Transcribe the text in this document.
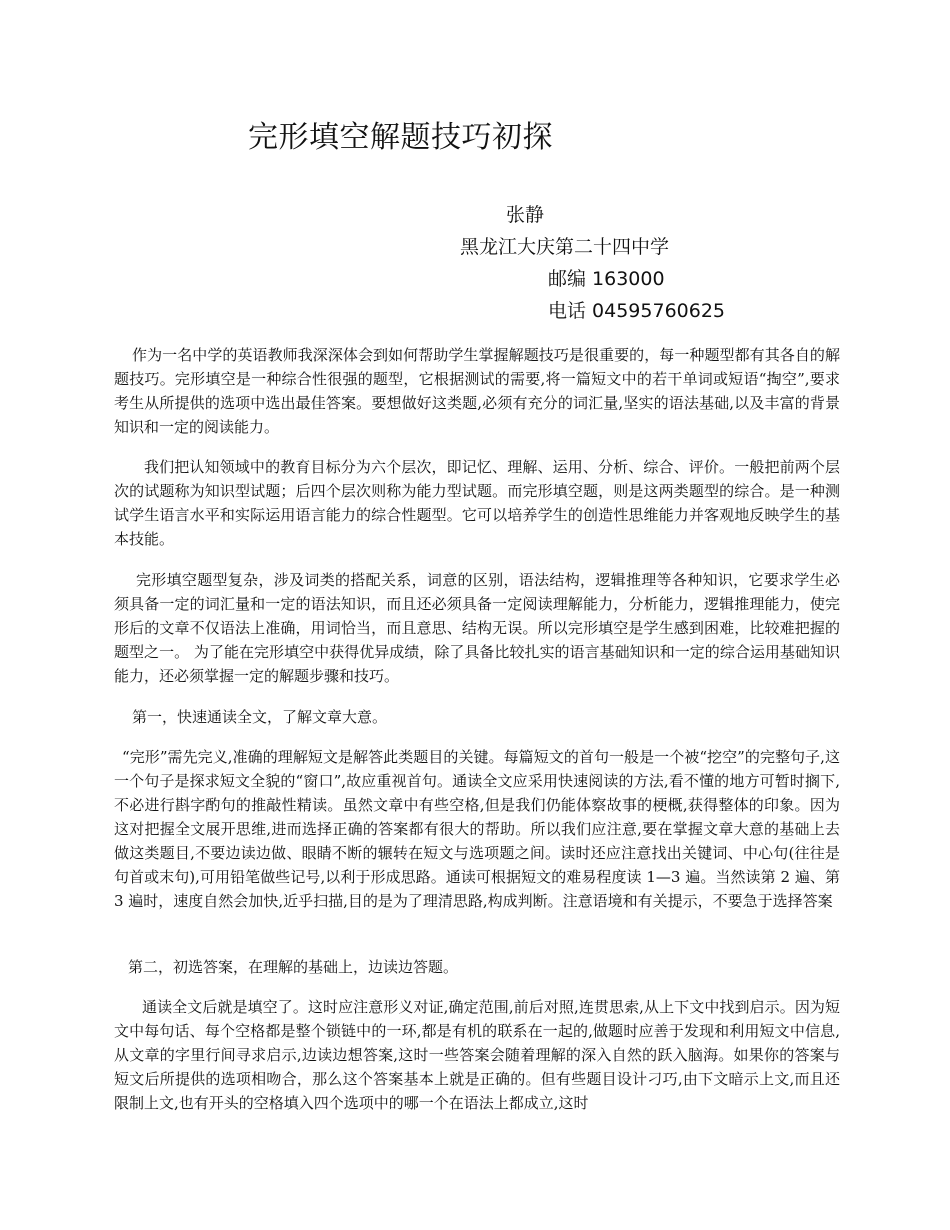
完形填空解题技巧初探
张静
黑龙江大庆第二十四中学
邮编 163000
电话 04595760625

作为一名中学的英语教师我深深体会到如何帮助学生掌握解题技巧是很重要的，每一种题型都有其各自的解题技巧。完形填空是一种综合性很强的题型，它根据测试的需要,将一篇短文中的若干单词或短语“掏空”,要求考生从所提供的选项中选出最佳答案。要想做好这类题,必须有充分的词汇量,坚实的语法基础,以及丰富的背景知识和一定的阅读能力。

我们把认知领域中的教育目标分为六个层次，即记忆、理解、运用、分析、综合、评价。一般把前两个层次的试题称为知识型试题；后四个层次则称为能力型试题。而完形填空题，则是这两类题型的综合。是一种测试学生语言水平和实际运用语言能力的综合性题型。它可以培养学生的创造性思维能力并客观地反映学生的基本技能。

完形填空题型复杂，涉及词类的搭配关系，词意的区别，语法结构，逻辑推理等各种知识，它要求学生必须具备一定的词汇量和一定的语法知识，而且还必须具备一定阅读理解能力，分析能力，逻辑推理能力，使完形后的文章不仅语法上准确，用词恰当，而且意思、结构无误。所以完形填空是学生感到困难，比较难把握的题型之一。 为了能在完形填空中获得优异成绩，除了具备比较扎实的语言基础知识和一定的综合运用基础知识能力，还必须掌握一定的解题步骤和技巧。

第一，快速通读全文，了解文章大意。

“完形”需先完义,准确的理解短文是解答此类题目的关键。每篇短文的首句一般是一个被“挖空”的完整句子,这一个句子是探求短文全貌的“窗口”,故应重视首句。通读全文应采用快速阅读的方法,看不懂的地方可暂时搁下,不必进行斟字酌句的推敲性精读。虽然文章中有些空格,但是我们仍能体察故事的梗概,获得整体的印象。因为这对把握全文展开思维,进而选择正确的答案都有很大的帮助。所以我们应注意,要在掌握文章大意的基础上去做这类题目,不要边读边做、眼睛不断的辗转在短文与选项题之间。读时还应注意找出关键词、中心句(往往是句首或末句),可用铅笔做些记号,以利于形成思路。通读可根据短文的难易程度读 1—3 遍。当然读第 2 遍、第 3 遍时，速度自然会加快,近乎扫描,目的是为了理清思路,构成判断。注意语境和有关提示，不要急于选择答案

第二，初选答案，在理解的基础上，边读边答题。

通读全文后就是填空了。这时应注意形义对证,确定范围,前后对照,连贯思索,从上下文中找到启示。因为短文中每句话、每个空格都是整个锁链中的一环,都是有机的联系在一起的,做题时应善于发现和利用短文中信息,从文章的字里行间寻求启示,边读边想答案,这时一些答案会随着理解的深入自然的跃入脑海。如果你的答案与短文后所提供的选项相吻合，那么这个答案基本上就是正确的。但有些题目设计刁巧,由下文暗示上文,而且还限制上文,也有开头的空格填入四个选项中的哪一个在语法上都成立,这时
